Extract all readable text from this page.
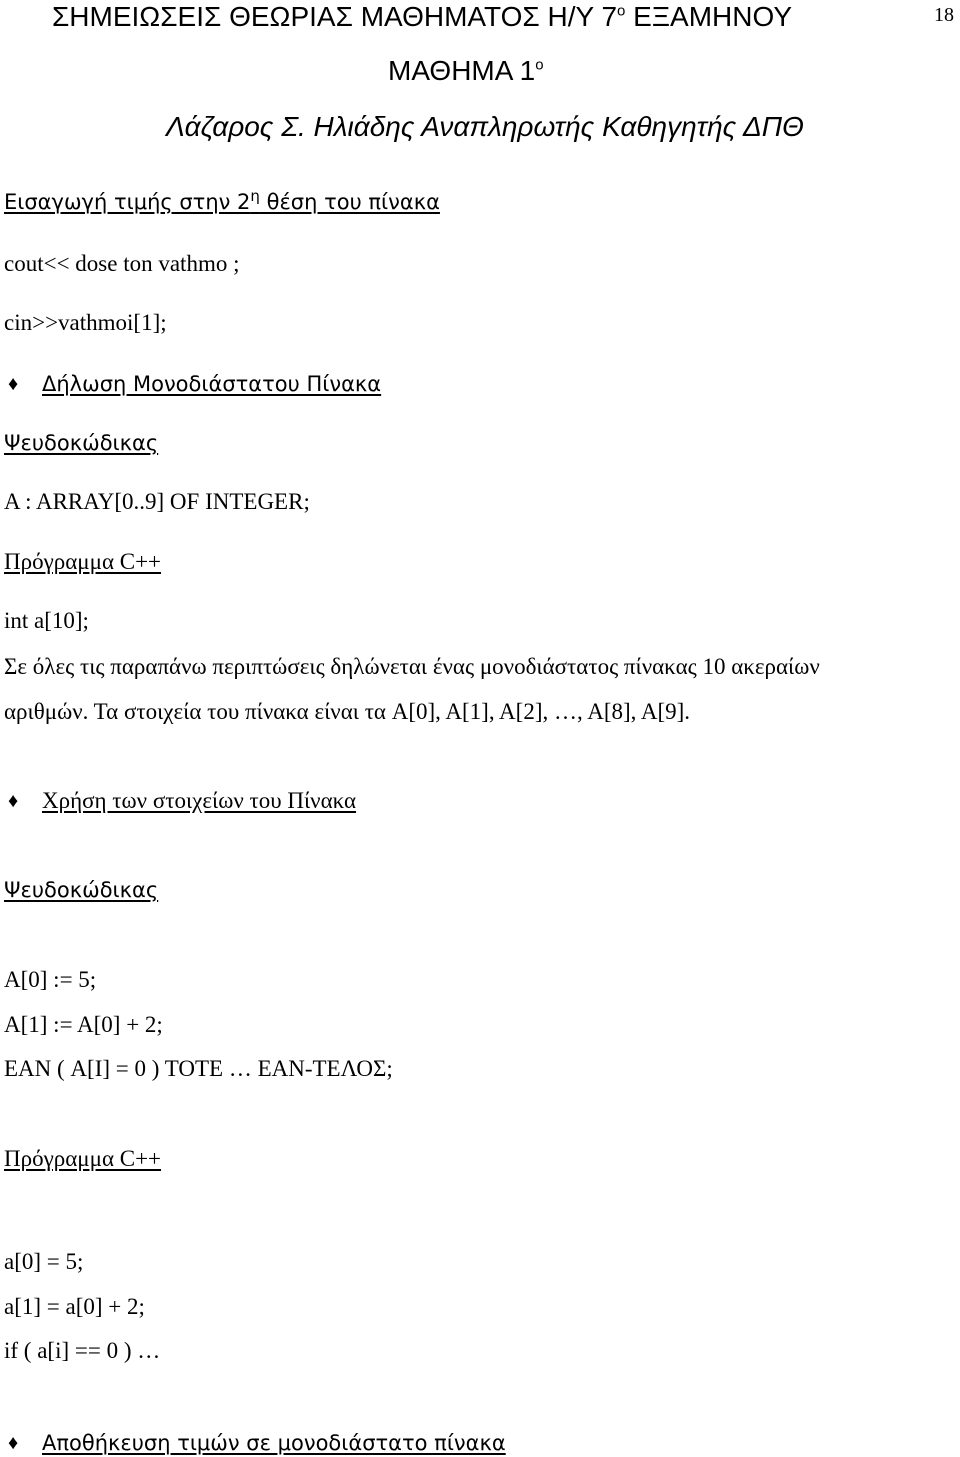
ΣΗΜΕΙΩΣΕΙΣ ΘΕΩΡΙΑΣ ΜΑΘΗΜΑΤΟΣ Η/Υ $7^o$ ΕΞΑΜΗΝΟΥ	18
ΜΑΘΗΜΑ $1^o$
Λάζαρος Σ. Ηλιάδης Αναπληρωτής Καθηγητής ΔΠΘ
Εισαγωγή τιμής στην $2^\eta$ θέση του πίνακα
cout<< dose ton vathmo ;
cin>>vathmoi[1];
♦ Δήλωση Μονοδιάστατου Πίνακα
Ψευδοκώδικας
A : ARRAY[0..9] OF INTEGER;
Πρόγραμμα C++
int a[10];
Σε όλες τις παραπάνω περιπτώσεις δηλώνεται ένας μονοδιάστατος πίνακας 10 ακεραίων
αριθμών. Τα στοιχεία του πίνακα είναι τα A[0], A[1], A[2], …, A[8], A[9].
♦ Χρήση των στοιχείων του Πίνακα
Ψευδοκώδικας
A[0] := 5;
A[1] := A[0] + 2;
ΕΑΝ ( A[I] = 0 ) ΤΟΤΕ … ΕΑΝ-ΤΕΛΟΣ;
Πρόγραμμα C++
a[0] = 5;
a[1] = a[0] + 2;
if ( a[i] == 0 ) …
♦ Αποθήκευση τιμών σε μονοδιάστατο πίνακα
